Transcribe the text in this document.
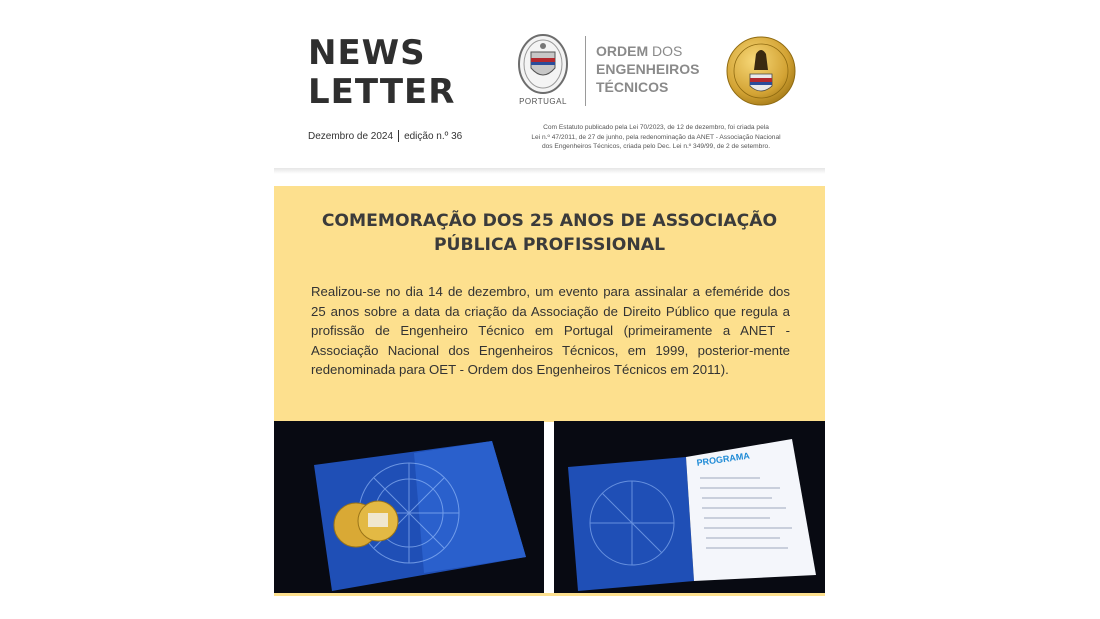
NEWS
LETTER
Dezembro de 2024 edição n.º 36
PORTUGAL
ORDEM DOS
ENGENHEIROS
TÉCNICOS

Com Estatuto publicado pela Lei 70/2023, de 12 de dezembro, foi criada pela
Lei n.º 47/2011, de 27 de junho, pela redenominação da ANET - Associação Nacional
dos Engenheiros Técnicos, criada pelo Dec. Lei n.º 349/99, de 2 de setembro.

COMEMORAÇÃO DOS 25 ANOS DE ASSOCIAÇÃO
PÚBLICA PROFISSIONAL

Realizou-se no dia 14 de dezembro, um evento para assinalar a efeméride dos 25 anos sobre a data da criação da Associação de Direito Público que regula a profissão de Engenheiro Técnico em Portugal (primeiramente a ANET - Associação Nacional dos Engenheiros Técnicos, em 1999, posterior-mente redenominada para OET - Ordem dos Engenheiros Técnicos em 2011).

PROGRAMA
